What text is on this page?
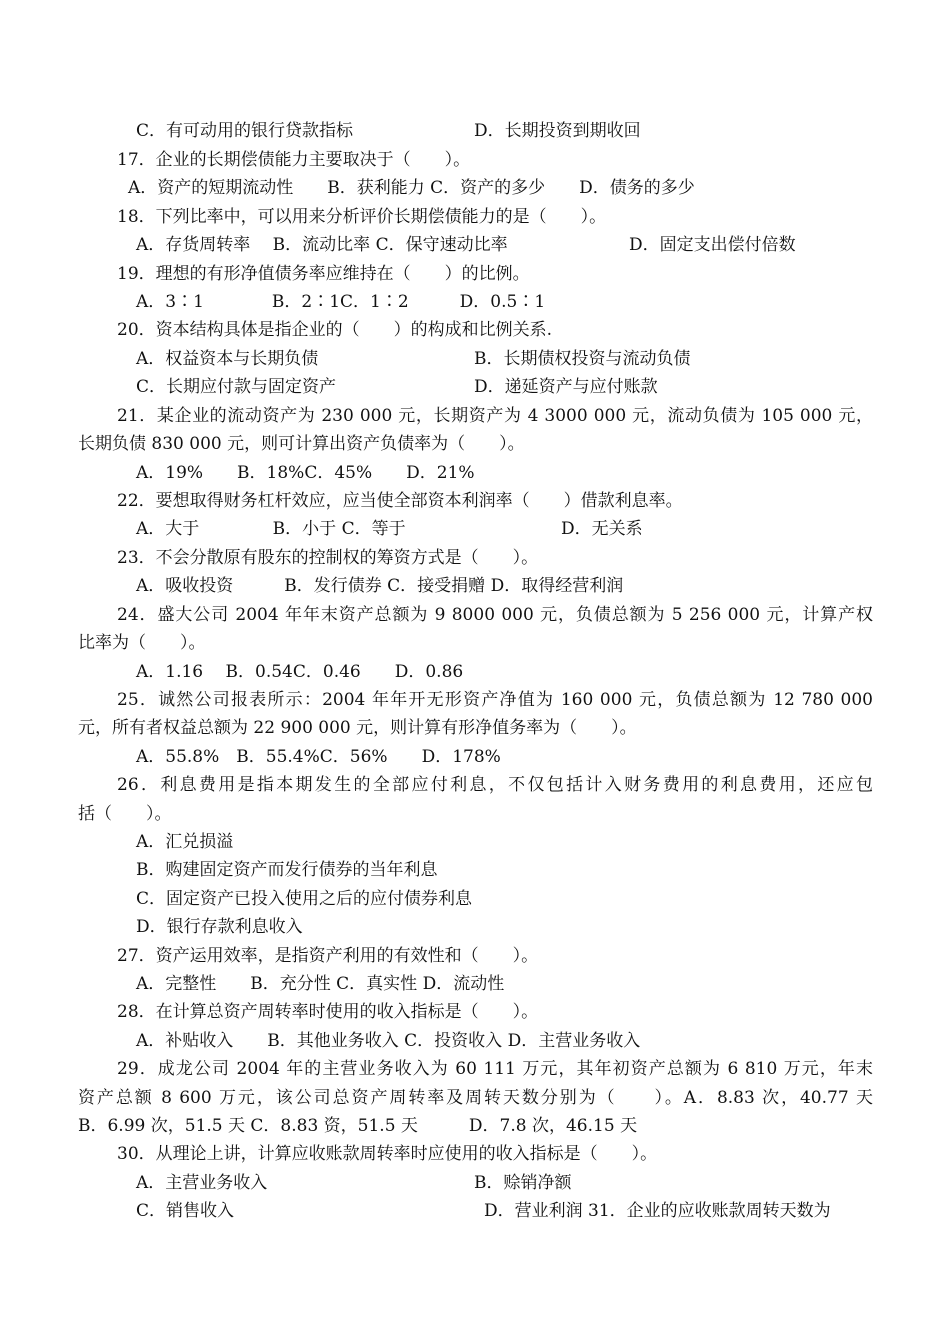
C．有可动用的银行贷款指标	D．长期投资到期收回
17．企业的长期偿债能力主要取决于（　　）。
A．资产的短期流动性　　B．获利能力 C．资产的多少　　D．债务的多少
18．下列比率中，可以用来分析评价长期偿债能力的是（　　）。
A．存货周转率　 B．流动比率 C．保守速动比率	D．固定支出偿付倍数
19．理想的有形净值债务率应维持在（　　）的比例。
A．3∶1　　　　B．2∶1C．1∶2　　　D．0.5∶1
20．资本结构具体是指企业的（　　）的构成和比例关系.
A．权益资本与长期负债	B．长期债权投资与流动负债
C．长期应付款与固定资产	D．递延资产与应付账款
21．某企业的流动资产为 230 000 元，长期资产为 4 3000 000 元，流动负债为 105 000 元，
长期负债 830 000 元，则可计算出资产负债率为（　　）。
A．19%　　B．18%C．45%　　D．21%
22．要想取得财务杠杆效应，应当使全部资本利润率（　　）借款利息率。
A．大于　　　　 B．小于 C．等于	D．无关系
23．不会分散原有股东的控制权的筹资方式是（　　）。
A．吸收投资　　　B．发行债券 C．接受捐赠 D．取得经营利润
24．盛大公司 2004 年年末资产总额为 9 8000 000 元，负债总额为 5 256 000 元，计算产权
比率为（　　）。
A．1.16　 B．0.54C．0.46　　D．0.86
25．诚然公司报表所示：2004 年年开无形资产净值为 160 000 元，负债总额为 12 780 000
元，所有者权益总额为 22 900 000 元，则计算有形净值务率为（　　）。
A．55.8%　B．55.4%C．56%　　D．178%
26．利息费用是指本期发生的全部应付利息，不仅包括计入财务费用的利息费用，还应包
括（　　）。
A．汇兑损溢
B．购建固定资产而发行债券的当年利息
C．固定资产已投入使用之后的应付债券利息
D．银行存款利息收入
27．资产运用效率，是指资产利用的有效性和（　　）。
A．完整性　　B．充分性 C．真实性 D．流动性
28．在计算总资产周转率时使用的收入指标是（　　）。
A．补贴收入　　B．其他业务收入 C．投资收入 D．主营业务收入
29．成龙公司 2004 年的主营业务收入为 60 111 万元，其年初资产总额为 6 810 万元，年末
资产总额 8 600 万元，该公司总资产周转率及周转天数分别为（　　）。A．8.83 次，40.77 天
B．6.99 次，51.5 天 C．8.83 资，51.5 天　　　D．7.8 次，46.15 天
30．从理论上讲，计算应收账款周转率时应使用的收入指标是（　　）。
A．主营业务收入	B．赊销净额
C．销售收入	D．营业利润 31．企业的应收账款周转天数为
